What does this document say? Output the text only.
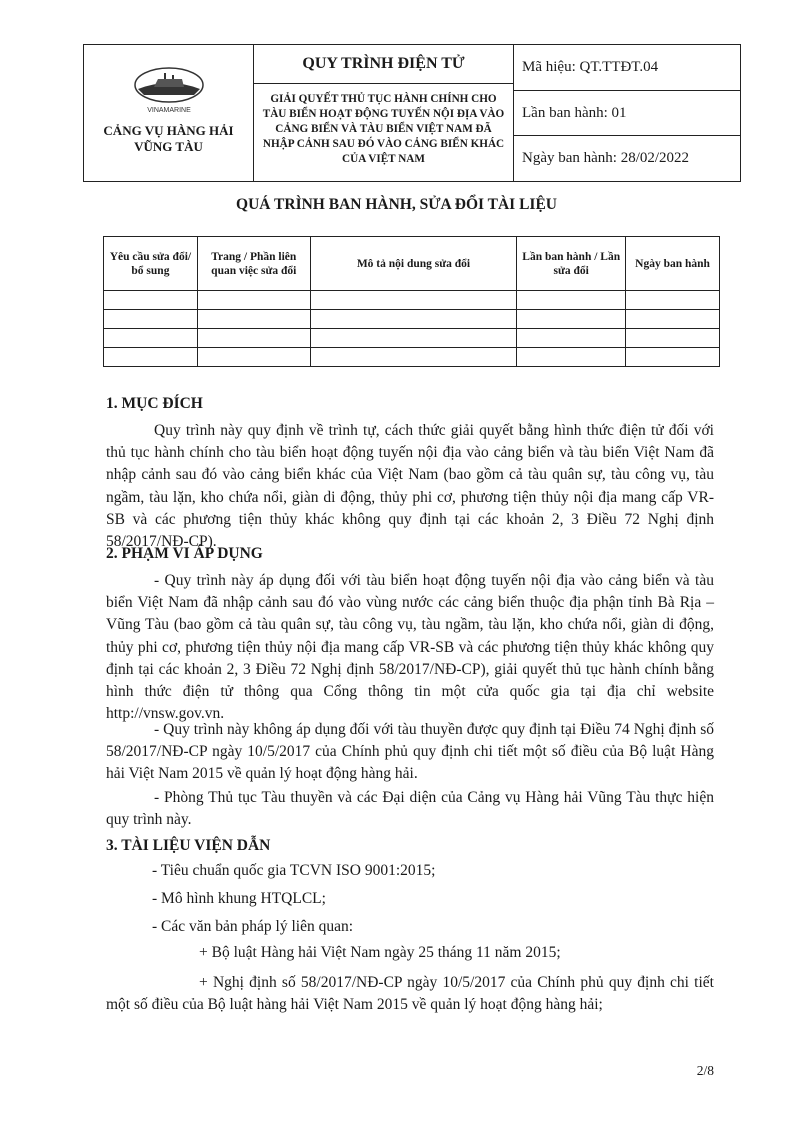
VINAMARINE
CẢNG VỤ HÀNG HẢI VŨNG TÀU
QUY TRÌNH ĐIỆN TỬ
GIẢI QUYẾT THỦ TỤC HÀNH CHÍNH CHO TÀU BIỂN HOẠT ĐỘNG TUYẾN NỘI ĐỊA VÀO CẢNG BIỂN VÀ TÀU BIỂN VIỆT NAM ĐÃ NHẬP CẢNH SAU ĐÓ VÀO CẢNG BIỂN KHÁC CỦA VIỆT NAM
Mã hiệu: QT.TTĐT.04
Lần ban hành: 01
Ngày ban hành: 28/02/2022
QUÁ TRÌNH BAN HÀNH, SỬA ĐỔI TÀI LIỆU
Yêu cầu sửa đổi/ bổ sung	Trang / Phần liên quan việc sửa đổi	Mô tả nội dung sửa đổi	Lần ban hành / Lần sửa đổi	Ngày ban hành

1. MỤC ĐÍCH

Quy trình này quy định về trình tự, cách thức giải quyết bằng hình thức điện tử đối với thủ tục hành chính cho tàu biển hoạt động tuyến nội địa vào cảng biển và tàu biển Việt Nam đã nhập cảnh sau đó vào cảng biển khác của Việt Nam (bao gồm cả tàu quân sự, tàu công vụ, tàu ngầm, tàu lặn, kho chứa nổi, giàn di động, thủy phi cơ, phương tiện thủy nội địa mang cấp VR-SB và các phương tiện thủy khác không quy định tại các khoản 2, 3 Điều 72 Nghị định 58/2017/NĐ-CP).

2. PHẠM VI ÁP DỤNG

- Quy trình này áp dụng đối với tàu biển hoạt động tuyến nội địa vào cảng biển và tàu biển Việt Nam đã nhập cảnh sau đó vào vùng nước các cảng biển thuộc địa phận tỉnh Bà Rịa – Vũng Tàu (bao gồm cả tàu quân sự, tàu công vụ, tàu ngầm, tàu lặn, kho chứa nổi, giàn di động, thủy phi cơ, phương tiện thủy nội địa mang cấp VR-SB và các phương tiện thủy khác không quy định tại các khoản 2, 3 Điều 72 Nghị định 58/2017/NĐ-CP), giải quyết thủ tục hành chính bằng hình thức điện tử thông qua Cổng thông tin một cửa quốc gia tại địa chỉ website http://vnsw.gov.vn.

- Quy trình này không áp dụng đối với tàu thuyền được quy định tại Điều 74 Nghị định số 58/2017/NĐ-CP ngày 10/5/2017 của Chính phủ quy định chi tiết một số điều của Bộ luật Hàng hải Việt Nam 2015 về quản lý hoạt động hàng hải.

- Phòng Thủ tục Tàu thuyền và các Đại diện của Cảng vụ Hàng hải Vũng Tàu thực hiện quy trình này.

3. TÀI LIỆU VIỆN DẪN

- Tiêu chuẩn quốc gia TCVN ISO 9001:2015;

- Mô hình khung HTQLCL;

- Các văn bản pháp lý liên quan:

+ Bộ luật Hàng hải Việt Nam ngày 25 tháng 11 năm 2015;

+ Nghị định số 58/2017/NĐ-CP ngày 10/5/2017 của Chính phủ quy định chi tiết một số điều của Bộ luật hàng hải Việt Nam 2015 về quản lý hoạt động hàng hải;

2/8
